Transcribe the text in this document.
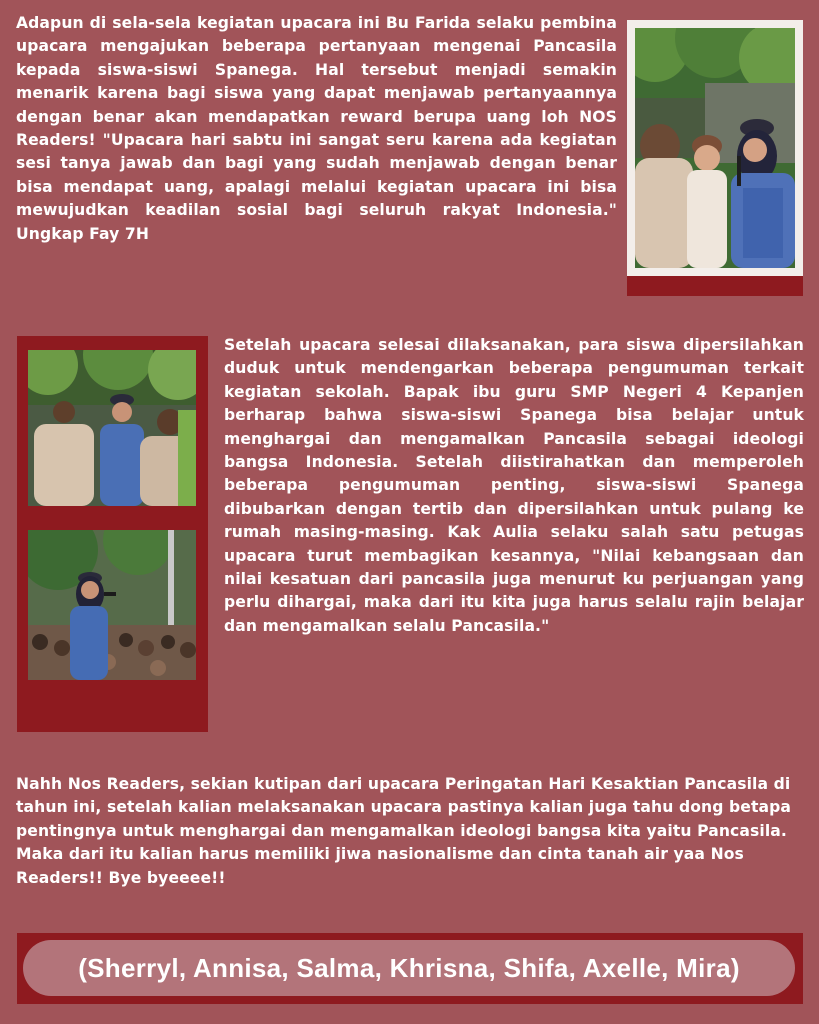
Adapun di sela-sela kegiatan upacara ini Bu Farida selaku pembina upacara mengajukan beberapa pertanyaan mengenai Pancasila kepada siswa-siswi Spanega. Hal tersebut menjadi semakin menarik karena bagi siswa yang dapat menjawab pertanyaannya dengan benar akan mendapatkan reward berupa uang loh NOS Readers! "Upacara hari sabtu ini sangat seru karena ada kegiatan sesi tanya jawab dan bagi yang sudah menjawab dengan benar bisa mendapat uang, apalagi melalui kegiatan upacara ini bisa mewujudkan keadilan sosial bagi seluruh rakyat Indonesia." Ungkap Fay 7H

Setelah upacara selesai dilaksanakan, para siswa dipersilahkan duduk untuk mendengarkan beberapa pengumuman terkait kegiatan sekolah. Bapak ibu guru SMP Negeri 4 Kepanjen berharap bahwa siswa-siswi Spanega bisa belajar untuk menghargai dan mengamalkan Pancasila sebagai ideologi bangsa Indonesia. Setelah diistirahatkan dan memperoleh beberapa pengumuman penting, siswa-siswi Spanega dibubarkan dengan tertib dan dipersilahkan untuk pulang ke rumah masing-masing. Kak Aulia selaku salah satu petugas upacara turut membagikan kesannya, "Nilai kebangsaan dan nilai kesatuan dari pancasila juga menurut ku perjuangan yang perlu dihargai, maka dari itu kita juga harus selalu rajin belajar dan mengamalkan selalu Pancasila."

Nahh Nos Readers, sekian kutipan dari upacara Peringatan Hari Kesaktian Pancasila di tahun ini, setelah kalian melaksanakan upacara pastinya kalian juga tahu dong betapa pentingnya untuk menghargai dan mengamalkan ideologi bangsa kita yaitu Pancasila. Maka dari itu kalian harus memiliki jiwa nasionalisme dan cinta tanah air yaa Nos Readers!! Bye byeeee!!

(Sherryl, Annisa, Salma, Khrisna, Shifa, Axelle, Mira)
